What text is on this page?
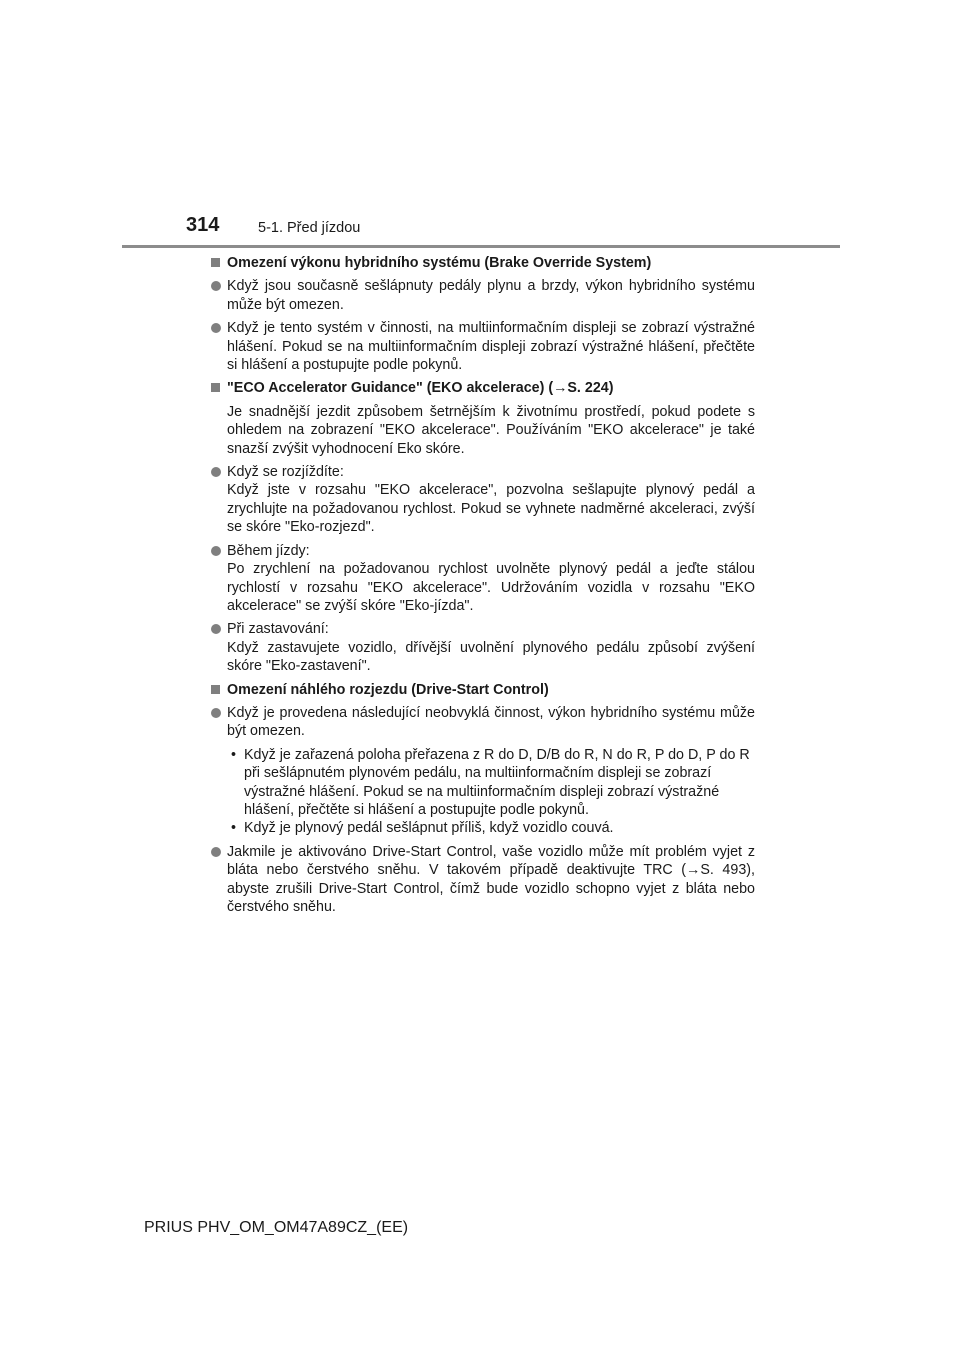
314	5-1. Před jízdou
Omezení výkonu hybridního systému (Brake Override System)
Když jsou současně sešlápnuty pedály plynu a brzdy, výkon hybridního systému může být omezen.
Když je tento systém v činnosti, na multiinformačním displeji se zobrazí výstražné hlášení. Pokud se na multiinformačním displeji zobrazí výstražné hlášení, přečtěte si hlášení a postupujte podle pokynů.
"ECO Accelerator Guidance" (EKO akcelerace) (→S. 224)
Je snadnější jezdit způsobem šetrnějším k životnímu prostředí, pokud podete s ohledem na zobrazení "EKO akcelerace". Používáním "EKO akcelerace" je také snazší zvýšit vyhodnocení Eko skóre.
Když se rozjíždíte:
Když jste v rozsahu "EKO akcelerace", pozvolna sešlapujte plynový pedál a zrychlujte na požadovanou rychlost. Pokud se vyhnete nadměrné akceleraci, zvýší se skóre "Eko-rozjezd".
Během jízdy:
Po zrychlení na požadovanou rychlost uvolněte plynový pedál a jeďte stálou rychlostí v rozsahu "EKO akcelerace". Udržováním vozidla v rozsahu "EKO akcelerace" se zvýší skóre "Eko-jízda".
Při zastavování:
Když zastavujete vozidlo, dřívější uvolnění plynového pedálu způsobí zvýšení skóre "Eko-zastavení".
Omezení náhlého rozjezdu (Drive-Start Control)
Když je provedena následující neobvyklá činnost, výkon hybridního systému může být omezen.
• Když je zařazená poloha přeřazena z R do D, D/B do R, N do R, P do D, P do R při sešlápnutém plynovém pedálu, na multiinformačním displeji se zobrazí výstražné hlášení. Pokud se na multiinformačním displeji zobrazí výstražné hlášení, přečtěte si hlášení a postupujte podle pokynů.
• Když je plynový pedál sešlápnut příliš, když vozidlo couvá.
Jakmile je aktivováno Drive-Start Control, vaše vozidlo může mít problém vyjet z bláta nebo čerstvého sněhu. V takovém případě deaktivujte TRC (→S. 493), abyste zrušili Drive-Start Control, čímž bude vozidlo schopno vyjet z bláta nebo čerstvého sněhu.
PRIUS PHV_OM_OM47A89CZ_(EE)
